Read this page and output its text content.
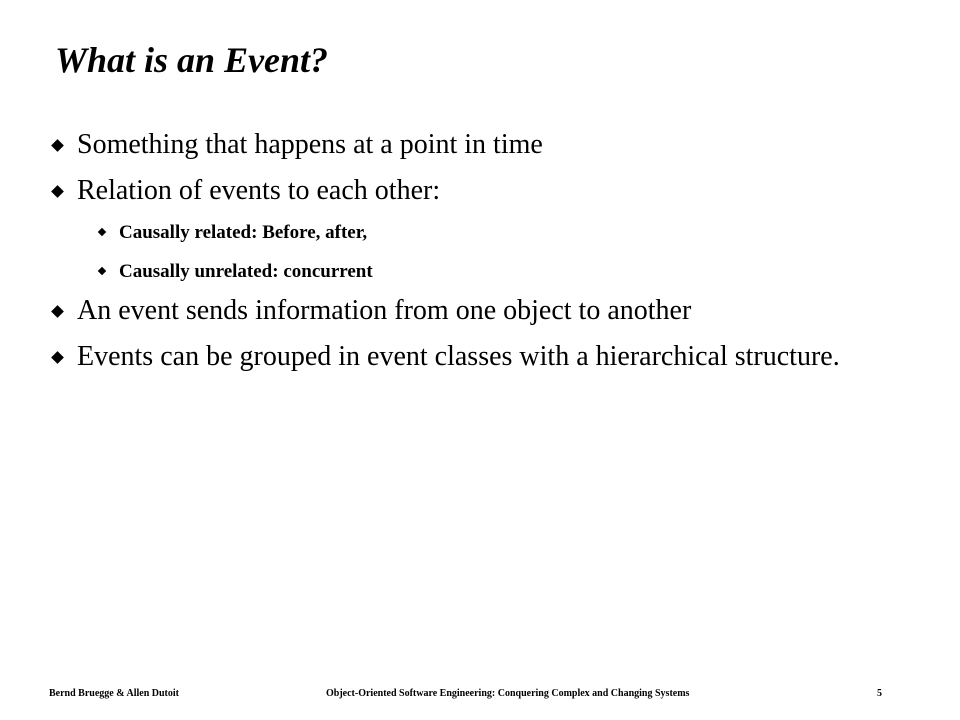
What is an Event?
Something that happens at a point in time
Relation of events to each other:
Causally related: Before, after,
Causally unrelated: concurrent
An event sends information from one object to another
Events can be grouped in event classes with a hierarchical structure.
Bernd Bruegge & Allen Dutoit	Object-Oriented Software Engineering: Conquering Complex and Changing Systems	5
